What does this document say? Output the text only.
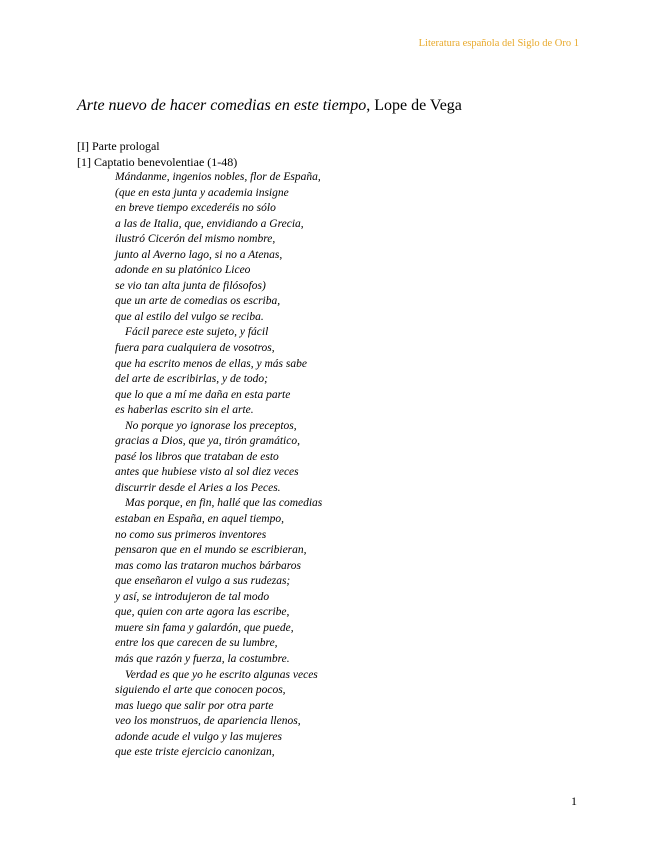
Literatura española del Siglo de Oro 1
Arte nuevo de hacer comedias en este tiempo, Lope de Vega
[I] Parte prologal
[1] Captatio benevolentiae (1-48)
Mándanme, ingenios nobles, flor de España,
(que en esta junta y academia insigne
en breve tiempo excederéis no sólo
a las de Italia, que, envidiando a Grecia,
ilustró Cicerón del mismo nombre,
junto al Averno lago, si no a Atenas,
adonde en su platónico Liceo
se vio tan alta junta de filósofos)
que un arte de comedias os escriba,
que al estilo del vulgo se reciba.
Fácil parece este sujeto, y fácil
fuera para cualquiera de vosotros,
que ha escrito menos de ellas, y más sabe
del arte de escribirlas, y de todo;
que lo que a mí me daña en esta parte
es haberlas escrito sin el arte.
No porque yo ignorase los preceptos,
gracias a Dios, que ya, tirón gramático,
pasé los libros que trataban de esto
antes que hubiese visto al sol diez veces
discurrir desde el Aries a los Peces.
Mas porque, en fin, hallé que las comedias
estaban en España, en aquel tiempo,
no como sus primeros inventores
pensaron que en el mundo se escribieran,
mas como las trataron muchos bárbaros
que enseñaron el vulgo a sus rudezas;
y así, se introdujeron de tal modo
que, quien con arte agora las escribe,
muere sin fama y galardón, que puede,
entre los que carecen de su lumbre,
más que razón y fuerza, la costumbre.
Verdad es que yo he escrito algunas veces
siguiendo el arte que conocen pocos,
mas luego que salir por otra parte
veo los monstruos, de apariencia llenos,
adonde acude el vulgo y las mujeres
que este triste ejercicio canonizan,
1
